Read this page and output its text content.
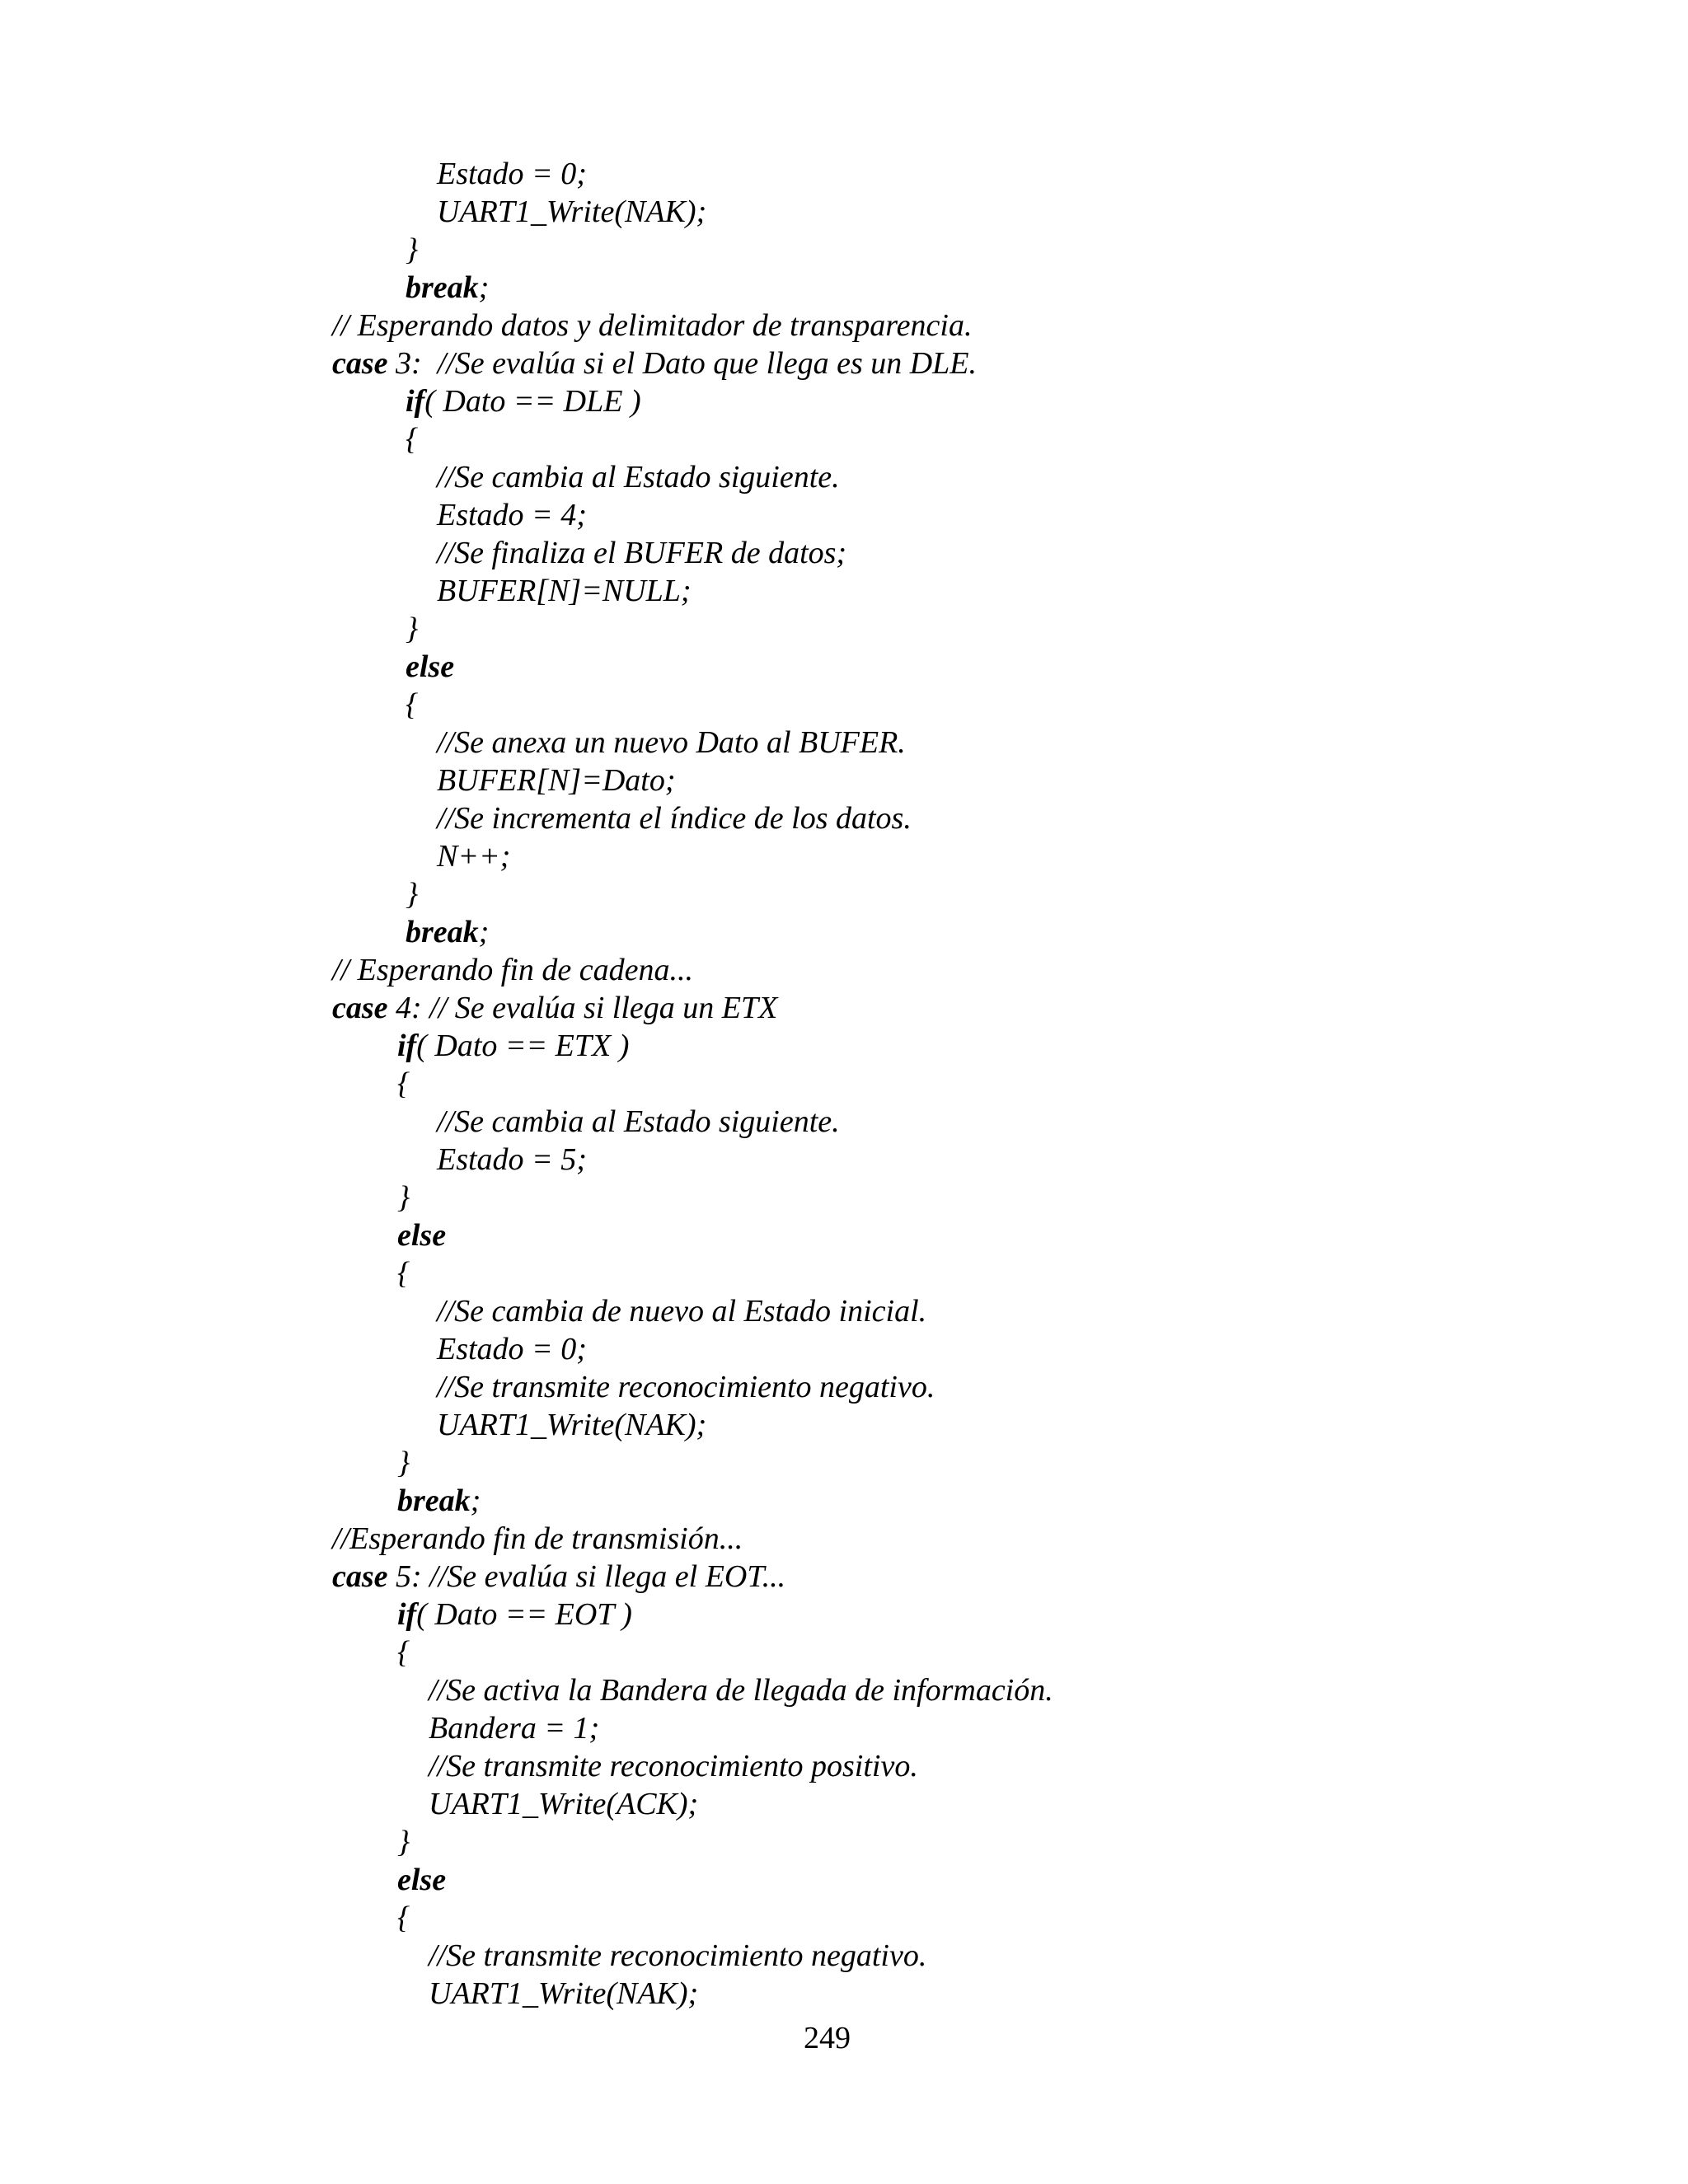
Estado = 0;
UART1_Write(NAK);
}
break;
// Esperando datos y delimitador de transparencia.
case 3:  //Se evalúa si el Dato que llega es un DLE.
if( Dato == DLE )
{
//Se cambia al Estado siguiente.
Estado = 4;
//Se finaliza el BUFER de datos;
BUFER[N]=NULL;
}
else
{
//Se anexa un nuevo Dato al BUFER.
BUFER[N]=Dato;
//Se incrementa el índice de los datos.
N++;
}
break;
// Esperando fin de cadena...
case 4: // Se evalúa si llega un ETX
if( Dato == ETX )
{
//Se cambia al Estado siguiente.
Estado = 5;
}
else
{
//Se cambia de nuevo al Estado inicial.
Estado = 0;
//Se transmite reconocimiento negativo.
UART1_Write(NAK);
}
break;
//Esperando fin de transmisión...
case 5: //Se evalúa si llega el EOT...
if( Dato == EOT )
{
//Se activa la Bandera de llegada de información.
Bandera = 1;
//Se transmite reconocimiento positivo.
UART1_Write(ACK);
}
else
{
//Se transmite reconocimiento negativo.
UART1_Write(NAK);
249
